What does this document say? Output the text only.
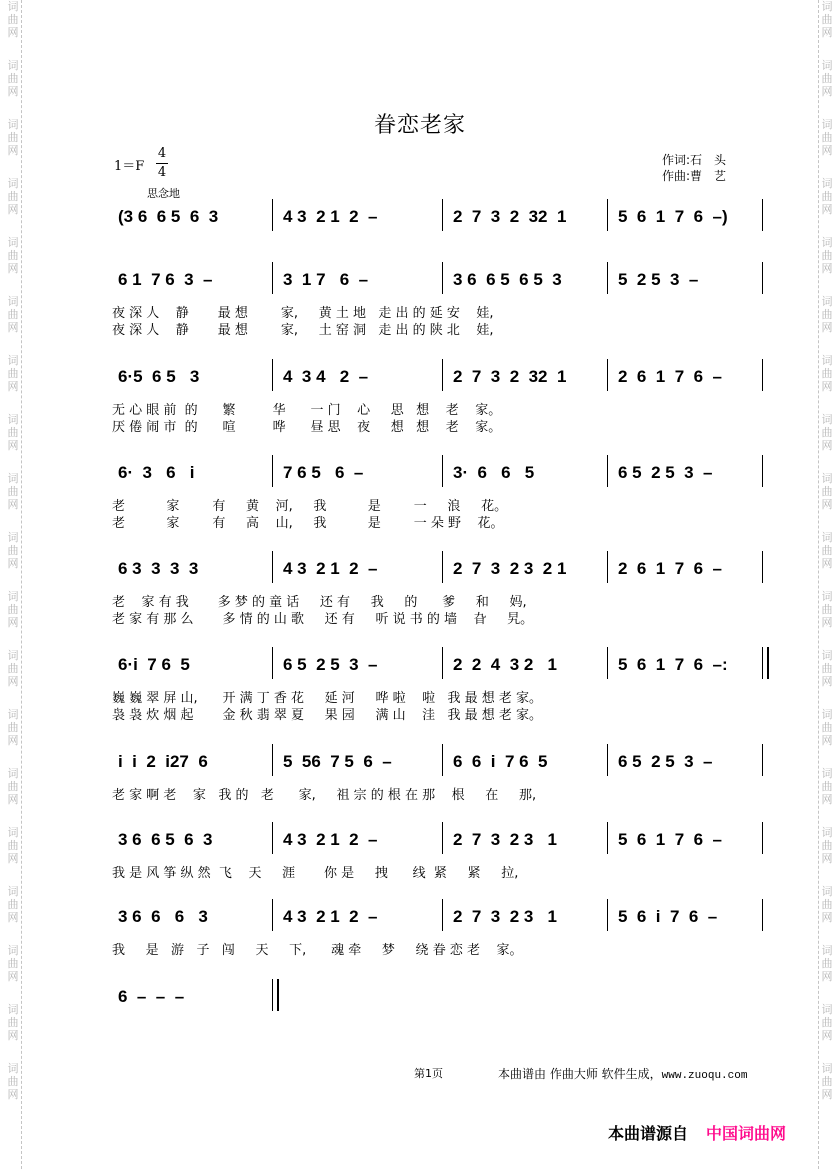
词
曲
网
词
曲
网
词
曲
网
词
曲
网
词
曲
网
词
曲
网
词
曲
网
词
曲
网
词
曲
网
词
曲
网
词
曲
网
词
曲
网
词
曲
网
词
曲
网
词
曲
网
词
曲
网
词
曲
网
词
曲
网
词
曲
网
词
曲
网
词
曲
网
词
曲
网
词
曲
网
词
曲
网
词
曲
网
词
曲
网
词
曲
网
词
曲
网
词
曲
网
词
曲
网
词
曲
网
词
曲
网
词
曲
网
词
曲
网
词
曲
网
词
曲
网
词
曲
网
词
曲
网
眷恋老家
1＝F
4
4
思念地
作词:石　头
作曲:曹　艺
(3 6  6 5  6  3	4 3  2 1  2  –	2  7  3  2  32  1	5  6  1  7  6  –)
6 1  7 6  3  –	3  1 7   6  –	3 6  6 5  6 5  3	5  2 5  3  –
夜 深 人    静       最 想        家,     黄 土 地   走 出 的 延 安    娃,
夜 深 人    静       最 想        家,     土 窑 洞   走 出 的 陕 北    娃,
6·5  6 5   3	4  3 4   2  –	2  7  3  2  32  1	2  6  1  7  6  –
无 心 眼 前  的      繁         华      一 门    心     思   想    老    家。
厌 倦 闹 市  的      喧         哗      昼 思    夜     想   想    老    家。
6·  3   6   i	7 6 5   6  –	3·  6   6   5	6 5  2 5  3  –
老          家        有     黄    河,     我          是        一     浪     花。
老          家        有     高    山,     我          是        一 朵 野    花。
6 3  3  3  3	4 3  2 1  2  –	2  7  3  2 3  2 1	2  6  1  7  6  –
老    家 有 我       多 梦 的 童 话     还 有     我     的      爹     和     妈,
老 家 有 那 么       多 情 的 山 歌     还 有     听 说 书 的 墙    旮     旯。
6·i  7 6  5	6 5  2 5  3  –	2  2  4  3 2   1	5  6  1  7  6  –:
巍 巍 翠 屏 山,      开 满 丁 香 花     延 河     哗 啦    啦   我 最 想 老 家。
袅 袅 炊 烟 起       金 秋 翡 翠 夏     果 园     满 山    洼   我 最 想 老 家。
i  i  2  i27  6	5  56  7 5  6  –	6  6  i  7 6  5	6 5  2 5  3  –
老 家 啊 老    家   我 的   老      家,     祖 宗 的 根 在 那    根     在     那,
3 6  6 5  6  3	4 3  2 1  2  –	2  7  3  2 3   1	5  6  1  7  6  –
我 是 风 筝 纵 然  飞    天     涯       你 是     拽      线  紧     紧     拉,
3 6  6   6   3	4 3  2 1  2  –	2  7  3  2 3   1	5  6  i  7  6  –
我     是   游   子   闯     天     下,      魂 牵     梦     绕 眷 恋 老    家。
6  –  –  –
第1页	本曲谱由 作曲大师 软件生成，www.zuoqu.com
本曲谱源自 中国词曲网
